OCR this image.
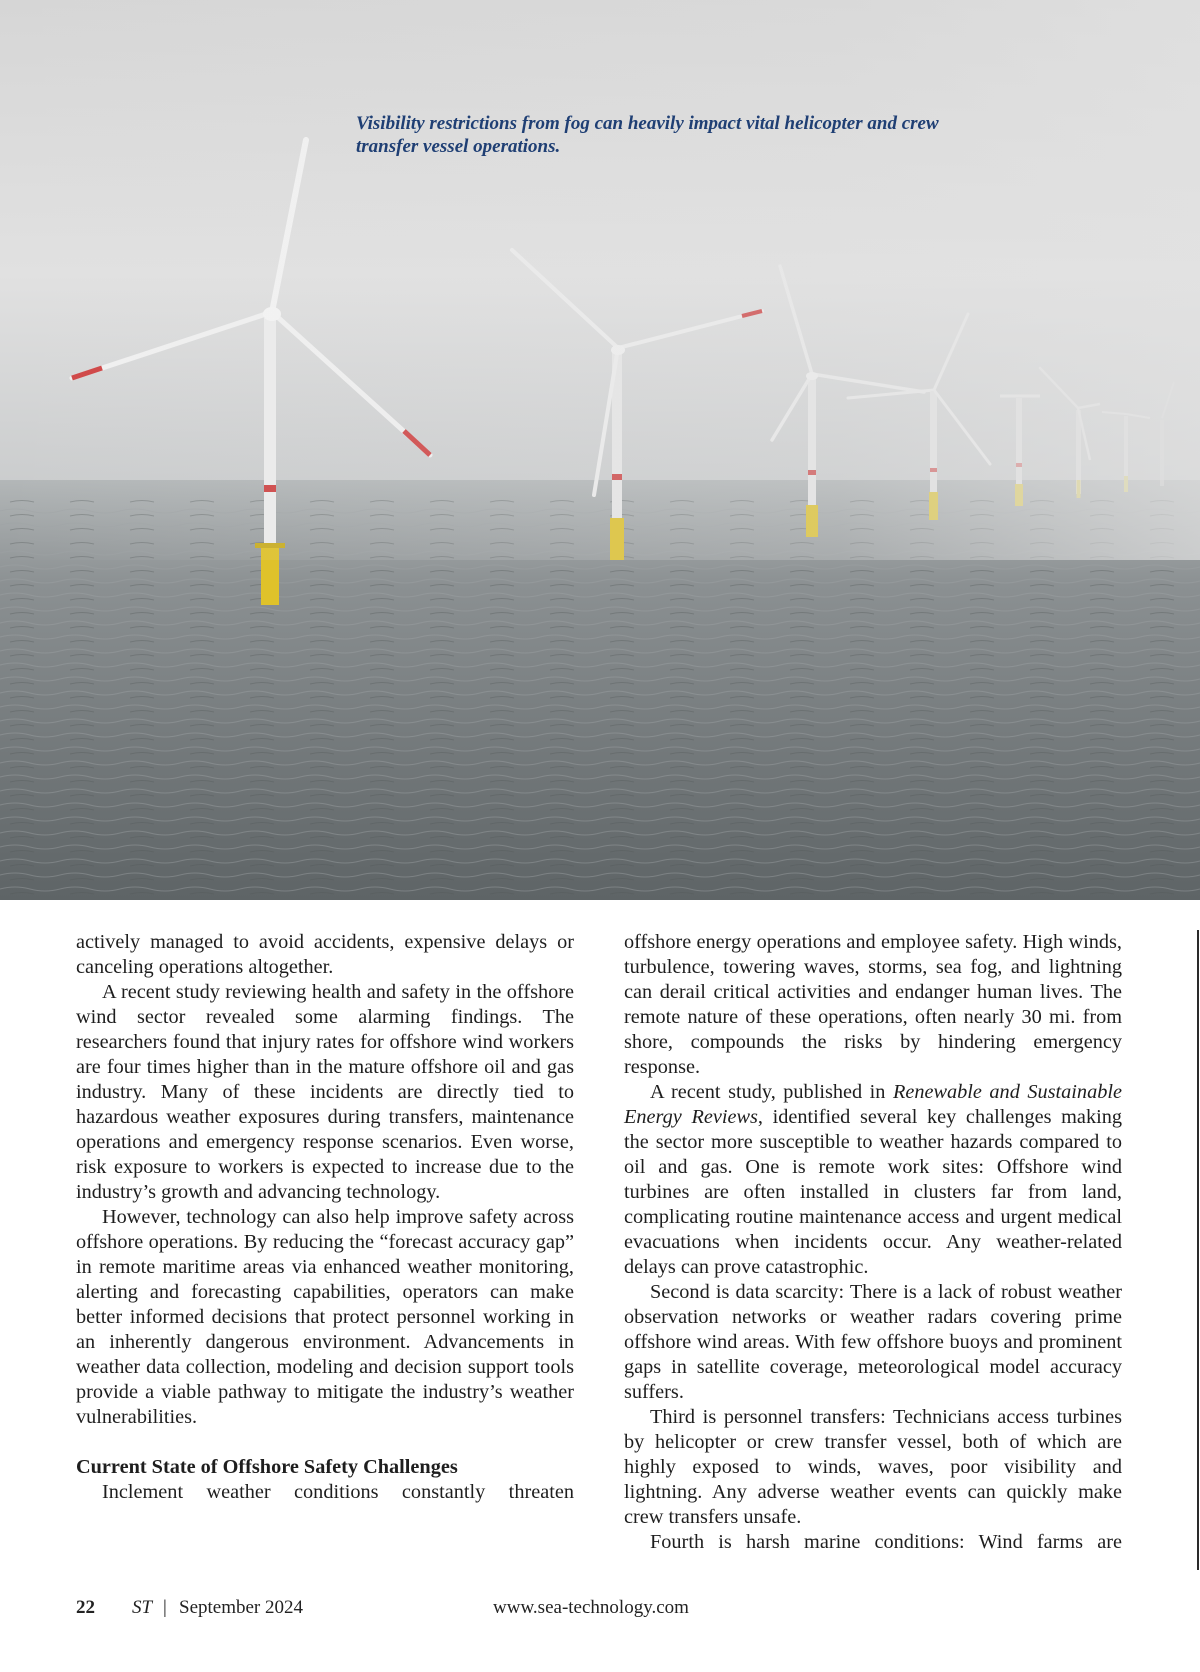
Visibility restrictions from fog can heavily impact vital helicopter and crew transfer vessel operations.

actively managed to avoid accidents, expensive delays or canceling operations altogether.

A recent study reviewing health and safety in the offshore wind sector revealed some alarming findings. The researchers found that injury rates for offshore wind workers are four times higher than in the mature offshore oil and gas industry. Many of these incidents are directly tied to hazardous weather exposures during transfers, maintenance operations and emergency response scenarios. Even worse, risk exposure to workers is expected to increase due to the industry’s growth and advancing technology.

However, technology can also help improve safety across offshore operations. By reducing the “forecast accuracy gap” in remote maritime areas via enhanced weather monitoring, alerting and forecasting capabilities, operators can make better informed decisions that protect personnel working in an inherently dangerous environment. Advancements in weather data collection, modeling and decision support tools provide a viable pathway to mitigate the industry’s weather vulnerabilities.

Current State of Offshore Safety Challenges

Inclement weather conditions constantly threaten

offshore energy operations and employee safety. High winds, turbulence, towering waves, storms, sea fog, and lightning can derail critical activities and endanger human lives. The remote nature of these operations, often nearly 30 mi. from shore, compounds the risks by hindering emergency response.

A recent study, published in Renewable and Sustainable Energy Reviews, identified several key challenges making the sector more susceptible to weather hazards compared to oil and gas. One is remote work sites: Offshore wind turbines are often installed in clusters far from land, complicating routine maintenance access and urgent medical evacuations when incidents occur. Any weather-related delays can prove catastrophic.

Second is data scarcity: There is a lack of robust weather observation networks or weather radars covering prime offshore wind areas. With few offshore buoys and prominent gaps in satellite coverage, meteorological model accuracy suffers.

Third is personnel transfers: Technicians access turbines by helicopter or crew transfer vessel, both of which are highly exposed to winds, waves, poor visibility and lightning. Any adverse weather events can quickly make crew transfers unsafe.

Fourth is harsh marine conditions: Wind farms are

22 ST | September 2024	www.sea-technology.com
